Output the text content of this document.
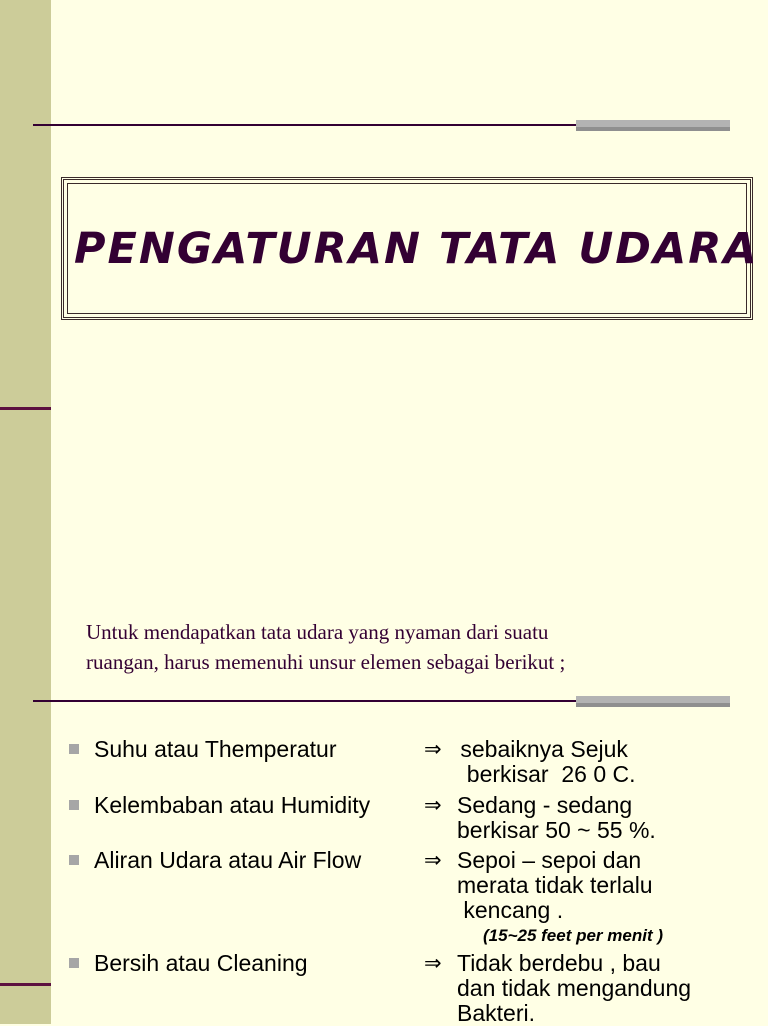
PENGATURAN TATA UDARA

Untuk mendapatkan tata udara yang nyaman dari suatu
ruangan, harus memenuhi unsur elemen sebagai berikut ;

Suhu atau Themperatur	⇒ sebaiknya Sejuk
berkisar  26 0 C.
Kelembaban atau Humidity	⇒ Sedang - sedang
berkisar 50 ~ 55 %.
Aliran Udara atau Air Flow	⇒ Sepoi – sepoi dan
merata tidak terlalu
kencang .

(15~25 feet per menit )

Bersih atau Cleaning	⇒ Tidak berdebu , bau
dan tidak mengandung
Bakteri.
